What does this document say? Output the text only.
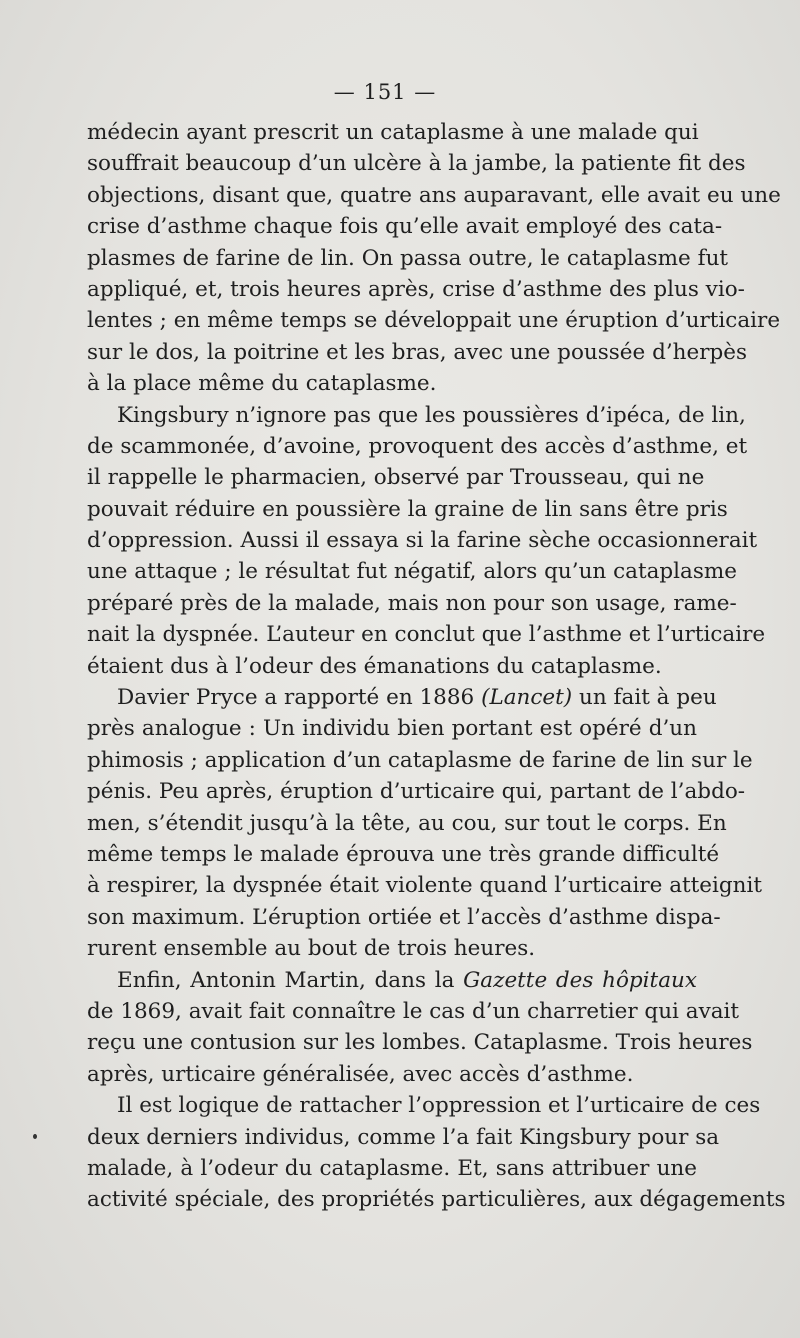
— 151 —

médecin ayant prescrit un cataplasme à une malade qui
souffrait beaucoup d’un ulcère à la jambe, la patiente fit des
objections, disant que, quatre ans auparavant, elle avait eu une
crise d’asthme chaque fois qu’elle avait employé des cata-
plasmes de farine de lin. On passa outre, le cataplasme fut
appliqué, et, trois heures après, crise d’asthme des plus vio-
lentes ; en même temps se développait une éruption d’urticaire
sur le dos, la poitrine et les bras, avec une poussée d’herpès
à la place même du cataplasme.

Kingsbury n’ignore pas que les poussières d’ipéca, de lin,
de scammonée, d’avoine, provoquent des accès d’asthme, et
il rappelle le pharmacien, observé par Trousseau, qui ne
pouvait réduire en poussière la graine de lin sans être pris
d’oppression. Aussi il essaya si la farine sèche occasionnerait
une attaque ; le résultat fut négatif, alors qu’un cataplasme
préparé près de la malade, mais non pour son usage, rame-
nait la dyspnée. L’auteur en conclut que l’asthme et l’urticaire
étaient dus à l’odeur des émanations du cataplasme.

Davier Pryce a rapporté en 1886 (Lancet) un fait à peu
près analogue : Un individu bien portant est opéré d’un
phimosis ; application d’un cataplasme de farine de lin sur le
pénis. Peu après, éruption d’urticaire qui, partant de l’abdo-
men, s’étendit jusqu’à la tête, au cou, sur tout le corps. En
même temps le malade éprouva une très grande difficulté
à respirer, la dyspnée était violente quand l’urticaire atteignit
son maximum. L’éruption ortiée et l’accès d’asthme dispa-
rurent ensemble au bout de trois heures.

Enfin, Antonin Martin, dans la Gazette des hôpitaux
de 1869, avait fait connaître le cas d’un charretier qui avait
reçu une contusion sur les lombes. Cataplasme. Trois heures
après, urticaire généralisée, avec accès d’asthme.

Il est logique de rattacher l’oppression et l’urticaire de ces
deux derniers individus, comme l’a fait Kingsbury pour sa
malade, à l’odeur du cataplasme. Et, sans attribuer une
activité spéciale, des propriétés particulières, aux dégagements
